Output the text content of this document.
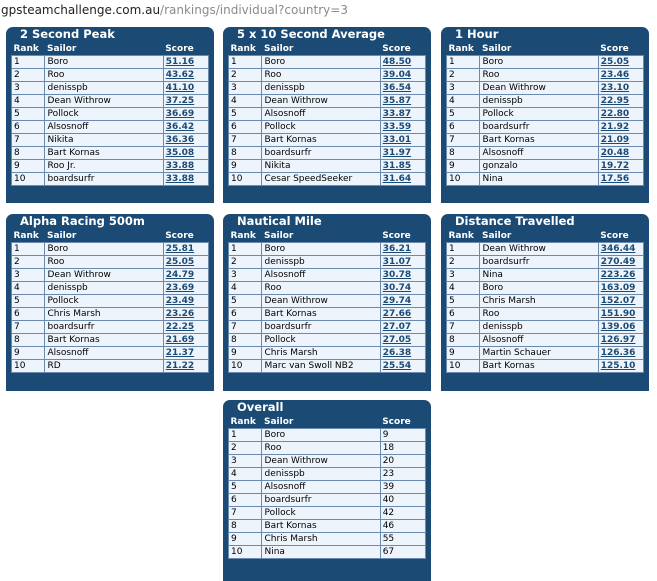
gpsteamchallenge.com.au/rankings/individual?country=3
2 Second Peak
Rank	Sailor	Score
1	Boro	51.16
2	Roo	43.62
3	denisspb	41.10
4	Dean Withrow	37.25
5	Pollock	36.69
6	Alsosnoff	36.42
7	Nikita	36.36
8	Bart Kornas	35.08
9	Roo Jr.	33.88
10	boardsurfr	33.88
5 x 10 Second Average
Rank	Sailor	Score
1	Boro	48.50
2	Roo	39.04
3	denisspb	36.54
4	Dean Withrow	35.87
5	Alsosnoff	33.87
6	Pollock	33.59
7	Bart Kornas	33.01
8	boardsurfr	31.97
9	Nikita	31.85
10	Cesar SpeedSeeker	31.64
1 Hour
Rank	Sailor	Score
1	Boro	25.05
2	Roo	23.46
3	Dean Withrow	23.10
4	denisspb	22.95
5	Pollock	22.80
6	boardsurfr	21.92
7	Bart Kornas	21.09
8	Alsosnoff	20.48
9	gonzalo	19.72
10	Nina	17.56
Alpha Racing 500m
Rank	Sailor	Score
1	Boro	25.81
2	Roo	25.05
3	Dean Withrow	24.79
4	denisspb	23.69
5	Pollock	23.49
6	Chris Marsh	23.26
7	boardsurfr	22.25
8	Bart Kornas	21.69
9	Alsosnoff	21.37
10	RD	21.22
Nautical Mile
Rank	Sailor	Score
1	Boro	36.21
2	denisspb	31.07
3	Alsosnoff	30.78
4	Roo	30.74
5	Dean Withrow	29.74
6	Bart Kornas	27.66
7	boardsurfr	27.07
8	Pollock	27.05
9	Chris Marsh	26.38
10	Marc van Swoll NB2	25.54
Distance Travelled
Rank	Sailor	Score
1	Dean Withrow	346.44
2	boardsurfr	270.49
3	Nina	223.26
4	Boro	163.09
5	Chris Marsh	152.07
6	Roo	151.90
7	denisspb	139.06
8	Alsosnoff	126.97
9	Martin Schauer	126.36
10	Bart Kornas	125.10
Overall
Rank	Sailor	Score
1	Boro	9
2	Roo	18
3	Dean Withrow	20
4	denisspb	23
5	Alsosnoff	39
6	boardsurfr	40
7	Pollock	42
8	Bart Kornas	46
9	Chris Marsh	55
10	Nina	67
